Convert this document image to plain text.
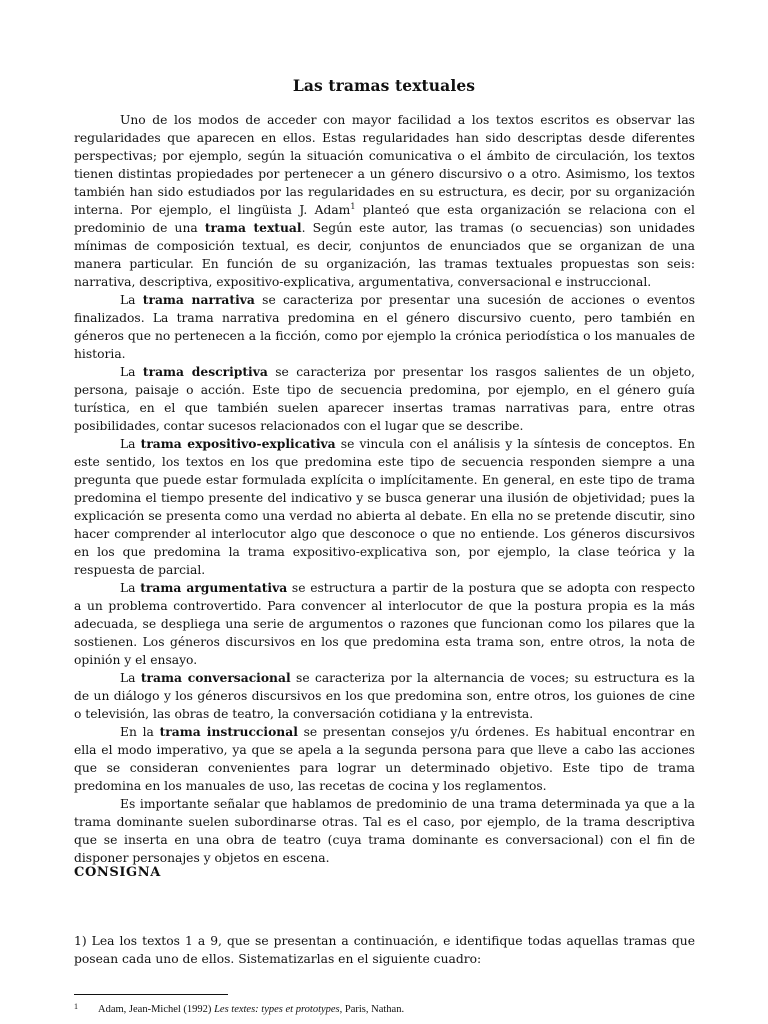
Las tramas textuales

Uno de los modos de acceder con mayor facilidad a los textos escritos es observar las regularidades que aparecen en ellos. Estas regularidades han sido descriptas desde diferentes perspectivas; por ejemplo, según la situación comunicativa o el ámbito de circulación, los textos tienen distintas propiedades por pertenecer a un género discursivo o a otro. Asimismo, los textos también han sido estudiados por las regularidades en su estructura, es decir, por su organización interna. Por ejemplo, el lingüista J. Adam$^1$ planteó que esta organización se relaciona con el predominio de una trama textual. Según este autor, las tramas (o secuencias) son unidades mínimas de composición textual, es decir, conjuntos de enunciados que se organizan de una manera particular. En función de su organización, las tramas textuales propuestas son seis: narrativa, descriptiva, expositivo-explicativa, argumentativa, conversacional e instruccional.

La trama narrativa se caracteriza por presentar una sucesión de acciones o eventos finalizados. La trama narrativa predomina en el género discursivo cuento, pero también en géneros que no pertenecen a la ficción, como por ejemplo la crónica periodística o los manuales de historia.

La trama descriptiva se caracteriza por presentar los rasgos salientes de un objeto, persona, paisaje o acción. Este tipo de secuencia predomina, por ejemplo, en el género guía turística, en el que también suelen aparecer insertas tramas narrativas para, entre otras posibilidades, contar sucesos relacionados con el lugar que se describe.

La trama expositivo-explicativa se vincula con el análisis y la síntesis de conceptos. En este sentido, los textos en los que predomina este tipo de secuencia responden siempre a una pregunta que puede estar formulada explícita o implícitamente. En general, en este tipo de trama predomina el tiempo presente del indicativo y se busca generar una ilusión de objetividad; pues la explicación se presenta como una verdad no abierta al debate. En ella no se pretende discutir, sino hacer comprender al interlocutor algo que desconoce o que no entiende. Los géneros discursivos en los que predomina la trama expositivo-explicativa son, por ejemplo, la clase teórica y la respuesta de parcial.

La trama argumentativa se estructura a partir de la postura que se adopta con respecto a un problema controvertido. Para convencer al interlocutor de que la postura propia es la más adecuada, se despliega una serie de argumentos o razones que funcionan como los pilares que la sostienen. Los géneros discursivos en los que predomina esta trama son, entre otros, la nota de opinión y el ensayo.

La trama conversacional se caracteriza por la alternancia de voces; su estructura es la de un diálogo y los géneros discursivos en los que predomina son, entre otros, los guiones de cine o televisión, las obras de teatro, la conversación cotidiana y la entrevista.

En la trama instruccional se presentan consejos y/u órdenes. Es habitual encontrar en ella el modo imperativo, ya que se apela a la segunda persona para que lleve a cabo las acciones que se consideran convenientes para lograr un determinado objetivo. Este tipo de trama predomina en los manuales de uso, las recetas de cocina y los reglamentos.

Es importante señalar que hablamos de predominio de una trama determinada ya que a la trama dominante suelen subordinarse otras. Tal es el caso, por ejemplo, de la trama descriptiva que se inserta en una obra de teatro (cuya trama dominante es conversacional) con el fin de disponer personajes y objetos en escena.

CONSIGNA
1) Lea los textos 1 a 9, que se presentan a continuación, e identifique todas aquellas tramas que posean cada uno de ellos. Sistematizarlas en el siguiente cuadro:
1 Adam, Jean-Michel (1992) Les textes: types et prototypes, Paris, Nathan.
